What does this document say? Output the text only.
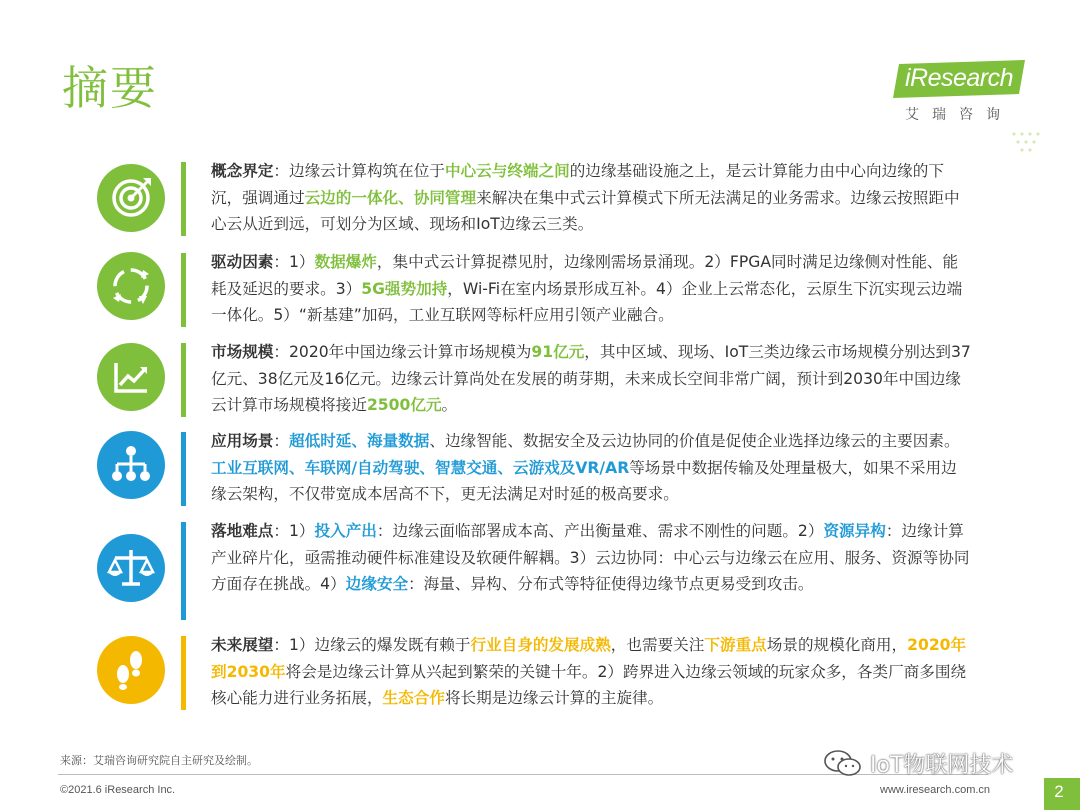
摘要	iResearch
艾瑞咨询
概念界定：边缘云计算构筑在位于中心云与终端之间的边缘基础设施之上，是云计算能力由中心向边缘的下沉，强调通过云边的一体化、协同管理来解决在集中式云计算模式下所无法满足的业务需求。边缘云按照距中心云从近到远，可划分为区域、现场和IoT边缘云三类。
驱动因素：1）数据爆炸，集中式云计算捉襟见肘，边缘刚需场景涌现。2）FPGA同时满足边缘侧对性能、能耗及延迟的要求。3）5G强势加持，Wi-Fi在室内场景形成互补。4）企业上云常态化，云原生下沉实现云边端一体化。5）“新基建”加码，工业互联网等标杆应用引领产业融合。
市场规模：2020年中国边缘云计算市场规模为91亿元，其中区域、现场、IoT三类边缘云市场规模分别达到37亿元、38亿元及16亿元。边缘云计算尚处在发展的萌芽期，未来成长空间非常广阔，预计到2030年中国边缘云计算市场规模将接近2500亿元。
应用场景：超低时延、海量数据、边缘智能、数据安全及云边协同的价值是促使企业选择边缘云的主要因素。工业互联网、车联网/自动驾驶、智慧交通、云游戏及VR/AR等场景中数据传输及处理量极大，如果不采用边缘云架构，不仅带宽成本居高不下，更无法满足对时延的极高要求。
落地难点：1）投入产出：边缘云面临部署成本高、产出衡量难、需求不刚性的问题。2）资源异构：边缘计算产业碎片化，亟需推动硬件标准建设及软硬件解耦。3）云边协同：中心云与边缘云在应用、服务、资源等协同方面存在挑战。4）边缘安全：海量、异构、分布式等特征使得边缘节点更易受到攻击。
未来展望：1）边缘云的爆发既有赖于行业自身的发展成熟，也需要关注下游重点场景的规模化商用，2020年到2030年将会是边缘云计算从兴起到繁荣的关键十年。2）跨界进入边缘云领域的玩家众多，各类厂商多围绕核心能力进行业务拓展，生态合作将长期是边缘云计算的主旋律。
来源：艾瑞咨询研究院自主研究及绘制。
©2021.6 iResearch Inc.	www.iresearch.com.cn
IoT物联网技术
2
